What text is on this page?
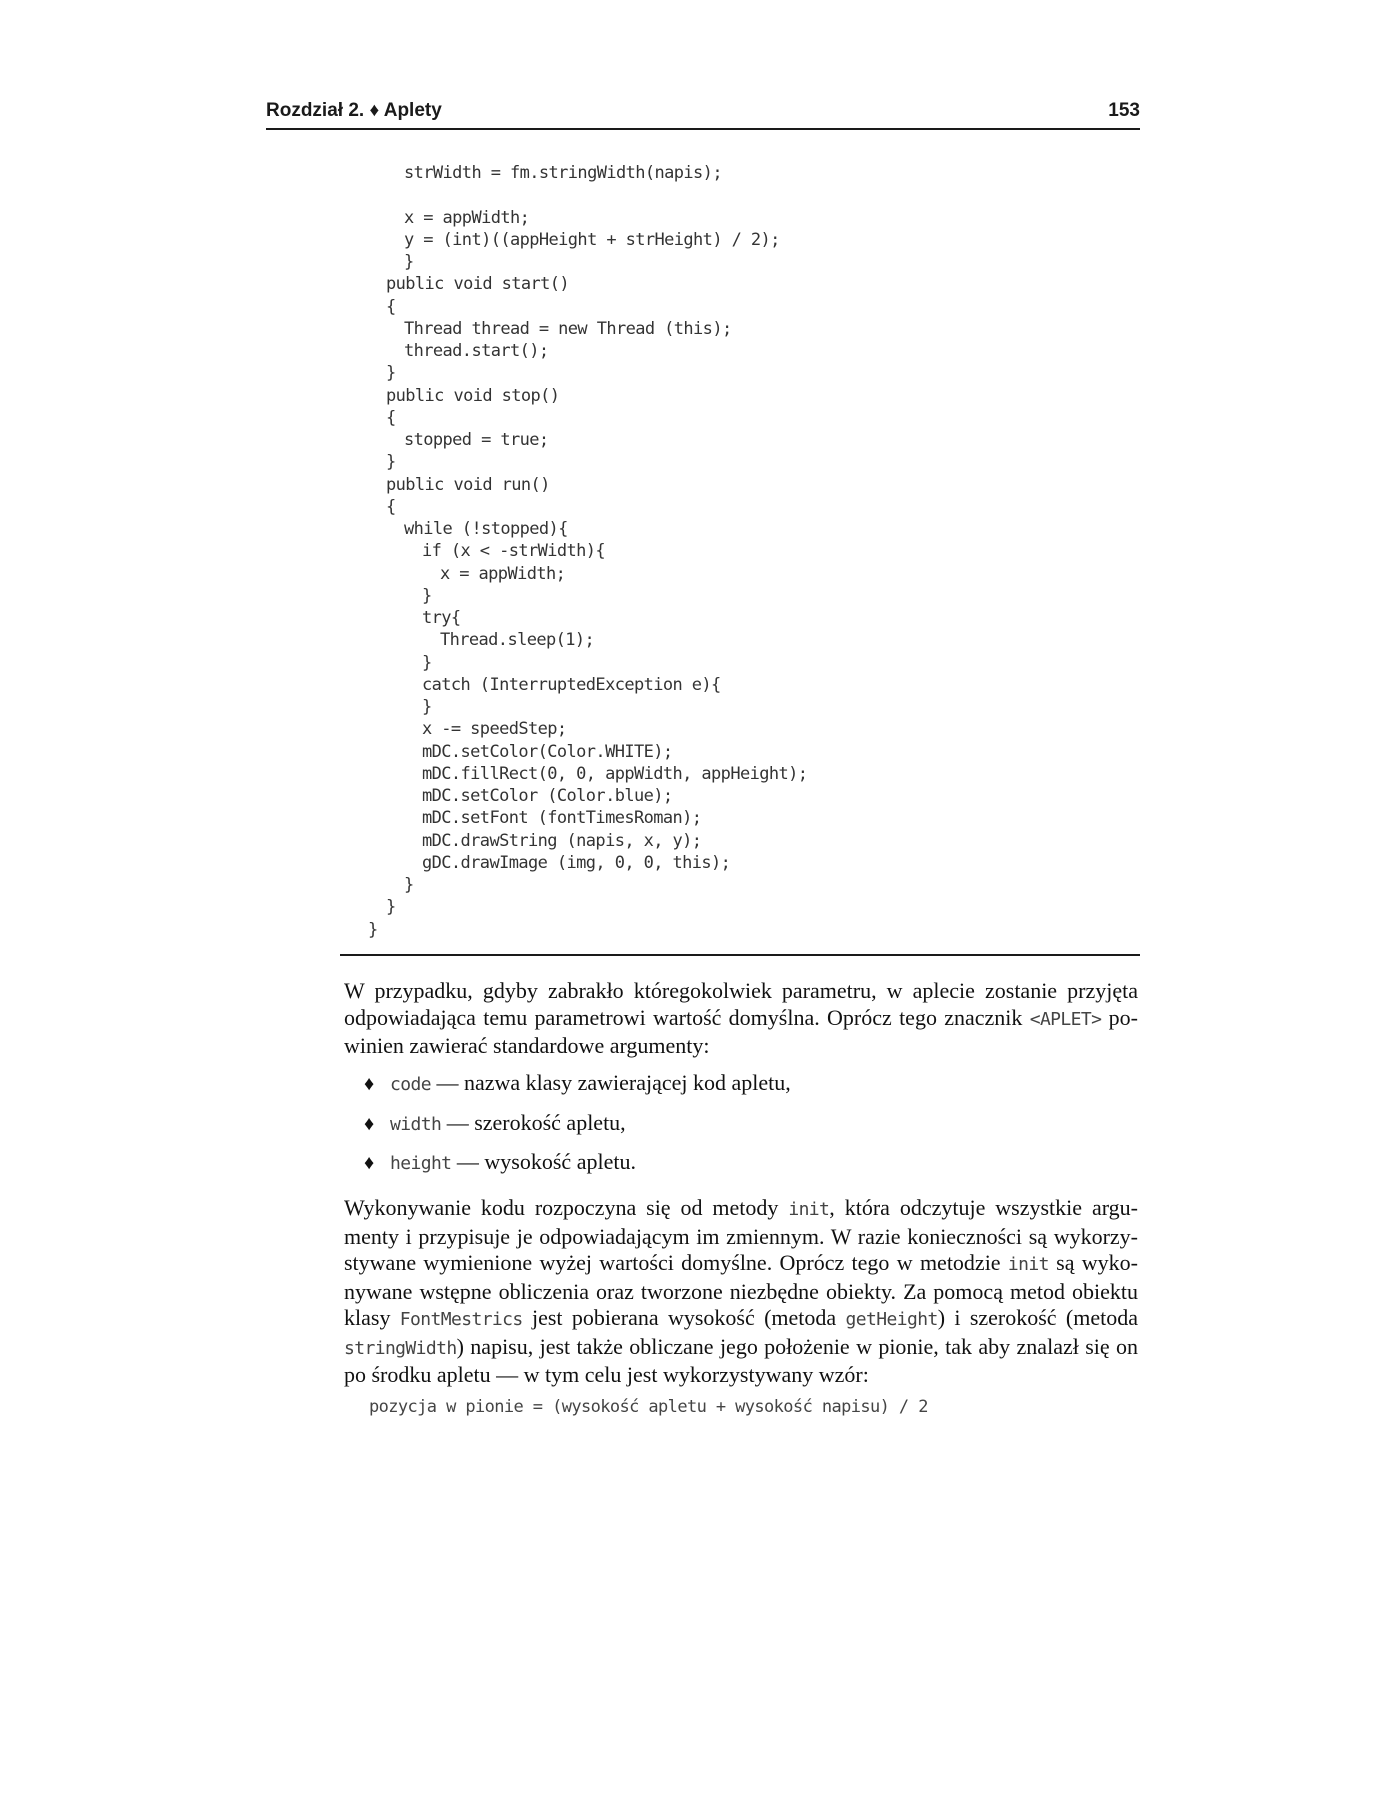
Rozdział 2. ♦ Aplety	153
strWidth = fm.stringWidth(napis);
x = appWidth;
y = (int)((appHeight + strHeight) / 2);
}
public void start()
{
Thread thread = new Thread (this);
thread.start();
}
public void stop()
{
stopped = true;
}
public void run()
{
while (!stopped){
if (x < -strWidth){
x = appWidth;
}
try{
Thread.sleep(1);
}
catch (InterruptedException e){
}
x -= speedStep;
mDC.setColor(Color.WHITE);
mDC.fillRect(0, 0, appWidth, appHeight);
mDC.setColor (Color.blue);
mDC.setFont (fontTimesRoman);
mDC.drawString (napis, x, y);
gDC.drawImage (img, 0, 0, this);
}
}
}
W przypadku, gdyby zabrakło któregokolwiek parametru, w aplecie zostanie przyjęta
odpowiadająca temu parametrowi wartość domyślna. Oprócz tego znacznik <APLET> po-
winien zawierać standardowe argumenty:
♦ code — nazwa klasy zawierającej kod apletu,
♦ width — szerokość apletu,
♦ height — wysokość apletu.
Wykonywanie kodu rozpoczyna się od metody init, która odczytuje wszystkie argu-
menty i przypisuje je odpowiadającym im zmiennym. W razie konieczności są wykorzy-
stywane wymienione wyżej wartości domyślne. Oprócz tego w metodzie init są wyko-
nywane wstępne obliczenia oraz tworzone niezbędne obiekty. Za pomocą metod obiektu
klasy FontMestrics jest pobierana wysokość (metoda getHeight) i szerokość (metoda
stringWidth) napisu, jest także obliczane jego położenie w pionie, tak aby znalazł się on
po środku apletu — w tym celu jest wykorzystywany wzór:
pozycja w pionie = (wysokość apletu + wysokość napisu) / 2
